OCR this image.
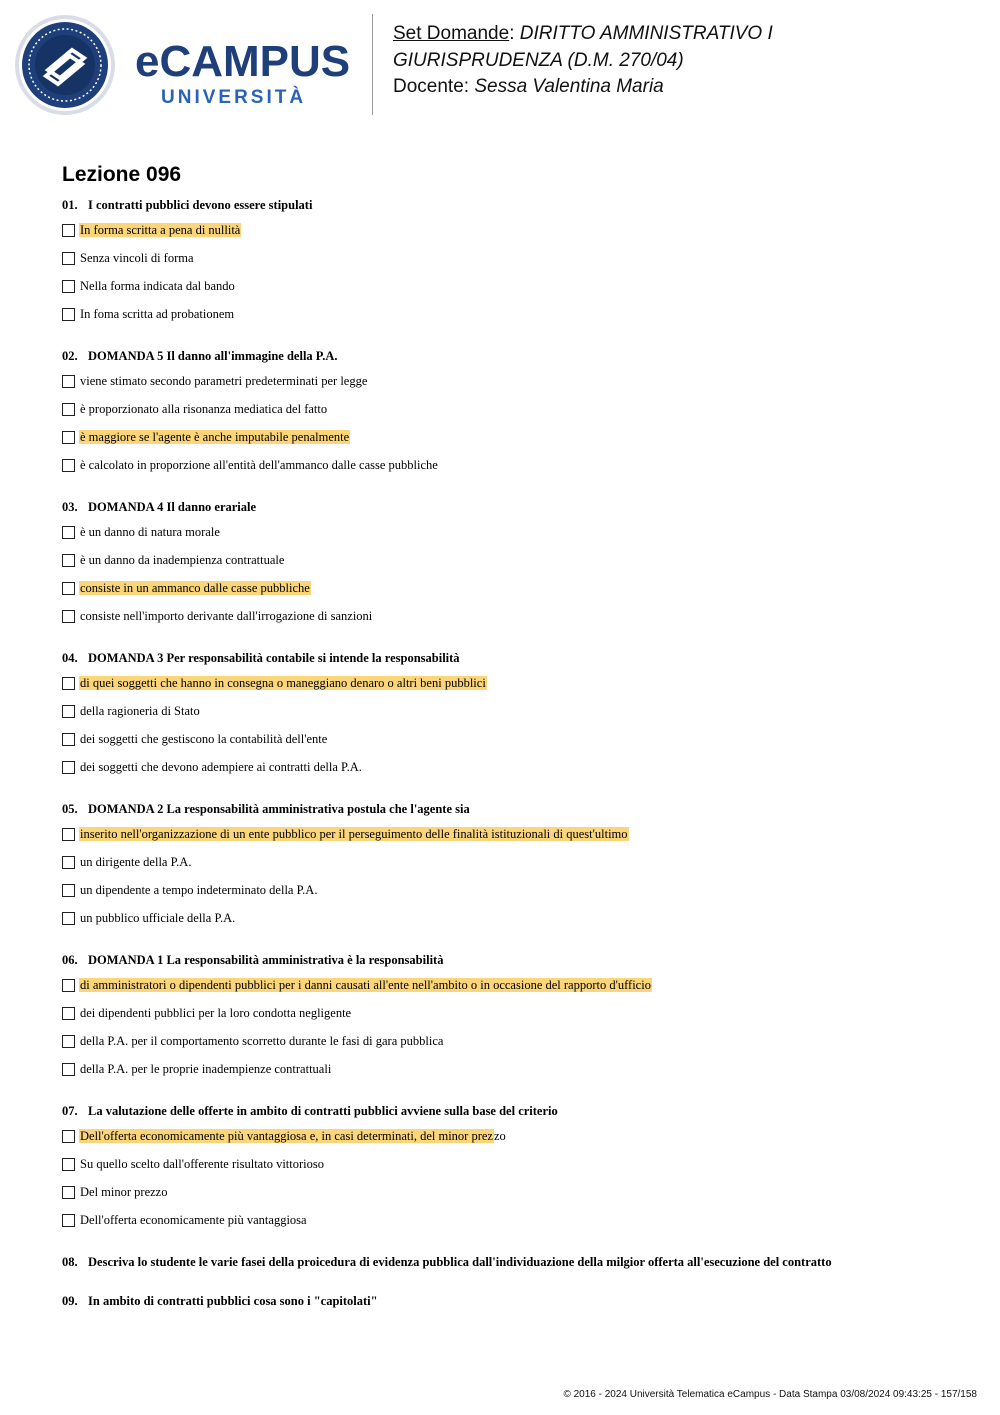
eCAMPUS
UNIVERSITÀ
Set Domande: DIRITTO AMMINISTRATIVO I
GIURISPRUDENZA (D.M. 270/04)
Docente: Sessa Valentina Maria
Lezione 096
01. I contratti pubblici devono essere stipulati
In forma scritta a pena di nullità
Senza vincoli di forma
Nella forma indicata dal bando
In foma scritta ad probationem
02. DOMANDA 5 Il danno all'immagine della P.A.
viene stimato secondo parametri predeterminati per legge
è proporzionato alla risonanza mediatica del fatto
è maggiore se l'agente è anche imputabile penalmente
è calcolato in proporzione all'entità dell'ammanco dalle casse pubbliche
03. DOMANDA 4 Il danno erariale
è un danno di natura morale
è un danno da inadempienza contrattuale
consiste in un ammanco dalle casse pubbliche
consiste nell'importo derivante dall'irrogazione di sanzioni
04. DOMANDA 3 Per responsabilità contabile si intende la responsabilità
di quei soggetti che hanno in consegna o maneggiano denaro o altri beni pubblici
della ragioneria di Stato
dei soggetti che gestiscono la contabilità dell'ente
dei soggetti che devono adempiere ai contratti della P.A.
05. DOMANDA 2 La responsabilità amministrativa postula che l'agente sia
inserito nell'organizzazione di un ente pubblico per il perseguimento delle finalità istituzionali di quest'ultimo
un dirigente della P.A.
un dipendente a tempo indeterminato della P.A.
un pubblico ufficiale della P.A.
06. DOMANDA 1 La responsabilità amministrativa è la responsabilità
di amministratori o dipendenti pubblici per i danni causati all'ente nell'ambito o in occasione del rapporto d'ufficio
dei dipendenti pubblici per la loro condotta negligente
della P.A. per il comportamento scorretto durante le fasi di gara pubblica
della P.A. per le proprie inadempienze contrattuali
07. La valutazione delle offerte in ambito di contratti pubblici avviene sulla base del criterio
Dell'offerta economicamente più vantaggiosa e, in casi determinati, del minor prezzo
Su quello scelto dall'offerente risultato vittorioso
Del minor prezzo
Dell'offerta economicamente più vantaggiosa
08. Descriva lo studente le varie fasei della proicedura di evidenza pubblica dall'individuazione della milgior offerta all'esecuzione del contratto
09. In ambito di contratti pubblici cosa sono i "capitolati"
© 2016 - 2024 Università Telematica eCampus - Data Stampa 03/08/2024 09:43:25 - 157/158
